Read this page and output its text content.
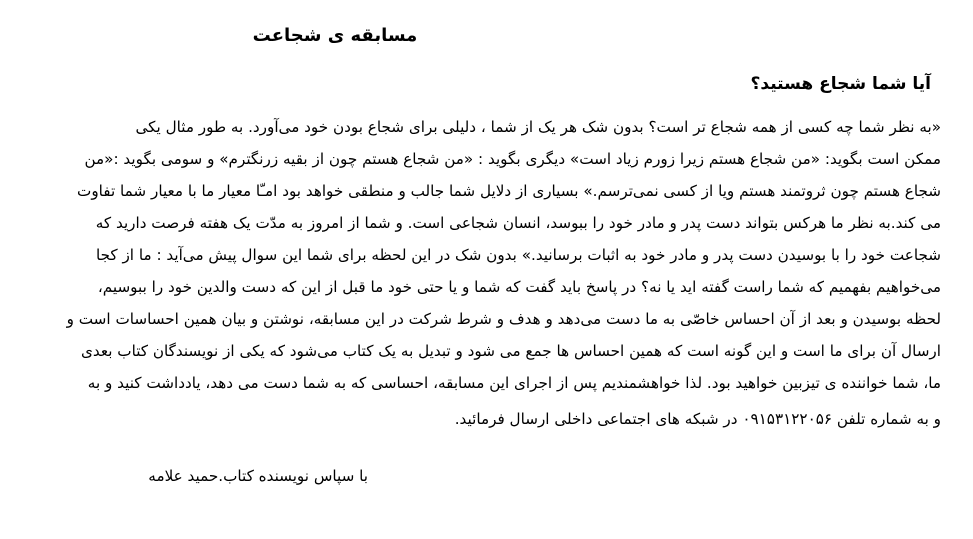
مسابقه ی شجاعت
آیا شما شجاع هستید؟
«به نظر شما چه کسی از همه شجاع تر است؟ بدون شک هر یک از شما ، دلیلی برای شجاع بودن خود می‌آورد. به طور مثال یکی
ممکن است بگوید: «من شجاع هستم زیرا زورم زیاد است» دیگری بگوید : «من شجاع هستم چون از بقیه زرنگترم» و سومی بگوید :«من
شجاع هستم چون ثروتمند هستم ویا از کسی نمی‌ترسم.» بسیاری از دلایل شما جالب و منطقی خواهد بود امـّا معیار ما با معیار شما تفاوت
می کند.به نظر ما هرکس بتواند دست پدر و مادر خود را ببوسد، انسان شجاعی است. و شما از امروز به مدّت یک هفته فرصت دارید که
شجاعت خود را با بوسیدن دست پدر و مادر خود به اثبات برسانید.» بدون شک در این لحظه برای شما این سوال پیش می‌آید : ما از کجا
می‌خواهیم بفهمیم که شما راست گفته اید یا نه؟ در پاسخ باید گفت که شما و یا حتی خود ما قبل از این که دست والدین خود را ببوسیم،
لحظه بوسیدن و بعد از آن احساس خاصّی به ما دست می‌دهد و هدف و شرط شرکت در این مسابقه، نوشتن و بیان همین احساسات است و
ارسال آن برای ما است و این گونه است که همین احساس ها جمع می شود و تبدیل به یک کتاب می‌شود که یکی از نویسندگان کتاب بعدی
ما، شما خواننده ی تیزبین خواهید بود. لذا خواهشمندیم پس از اجرای این مسابقه، احساسی که به شما دست می دهد، یادداشت کنید و به
و به شماره تلفن ۰۹۱۵۳۱۲۲۰۵۶ در شبکه های اجتماعی داخلی ارسال فرمائید.
با سپاس نویسنده کتاب.حمید علامه
